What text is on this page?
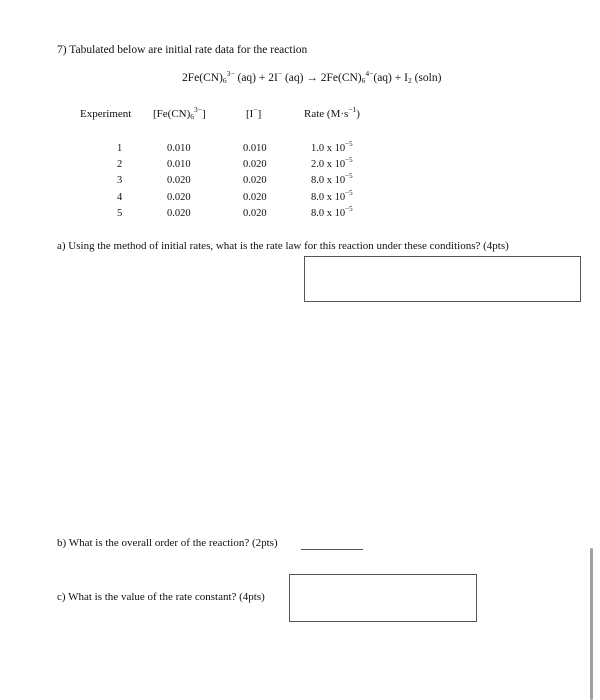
7) Tabulated below are initial rate data for the reaction
$2Fe(CN)_6^{3-}$ (aq) + 2I− $(aq) \to 2Fe(CN)_6^{4-}(aq) + I_2$ (soln)
Experiment $[Fe(CN)_6^{3-}]$	[I−]	Rate $(M\cdot s^{-1})$
1	0.010	0.010	1.0 x $10^{-5}$
2	0.010	0.020	2.0 x $10^{-5}$
3	0.020	0.020	8.0 x $10^{-5}$
4	0.020	0.020	8.0 x $10^{-5}$
5	0.020	0.020	8.0 x $10^{-5}$
a) Using the method of initial rates, what is the rate law for this reaction under these conditions? (4pts)
b) What is the overall order of the reaction? (2pts)
c) What is the value of the rate constant? (4pts)
